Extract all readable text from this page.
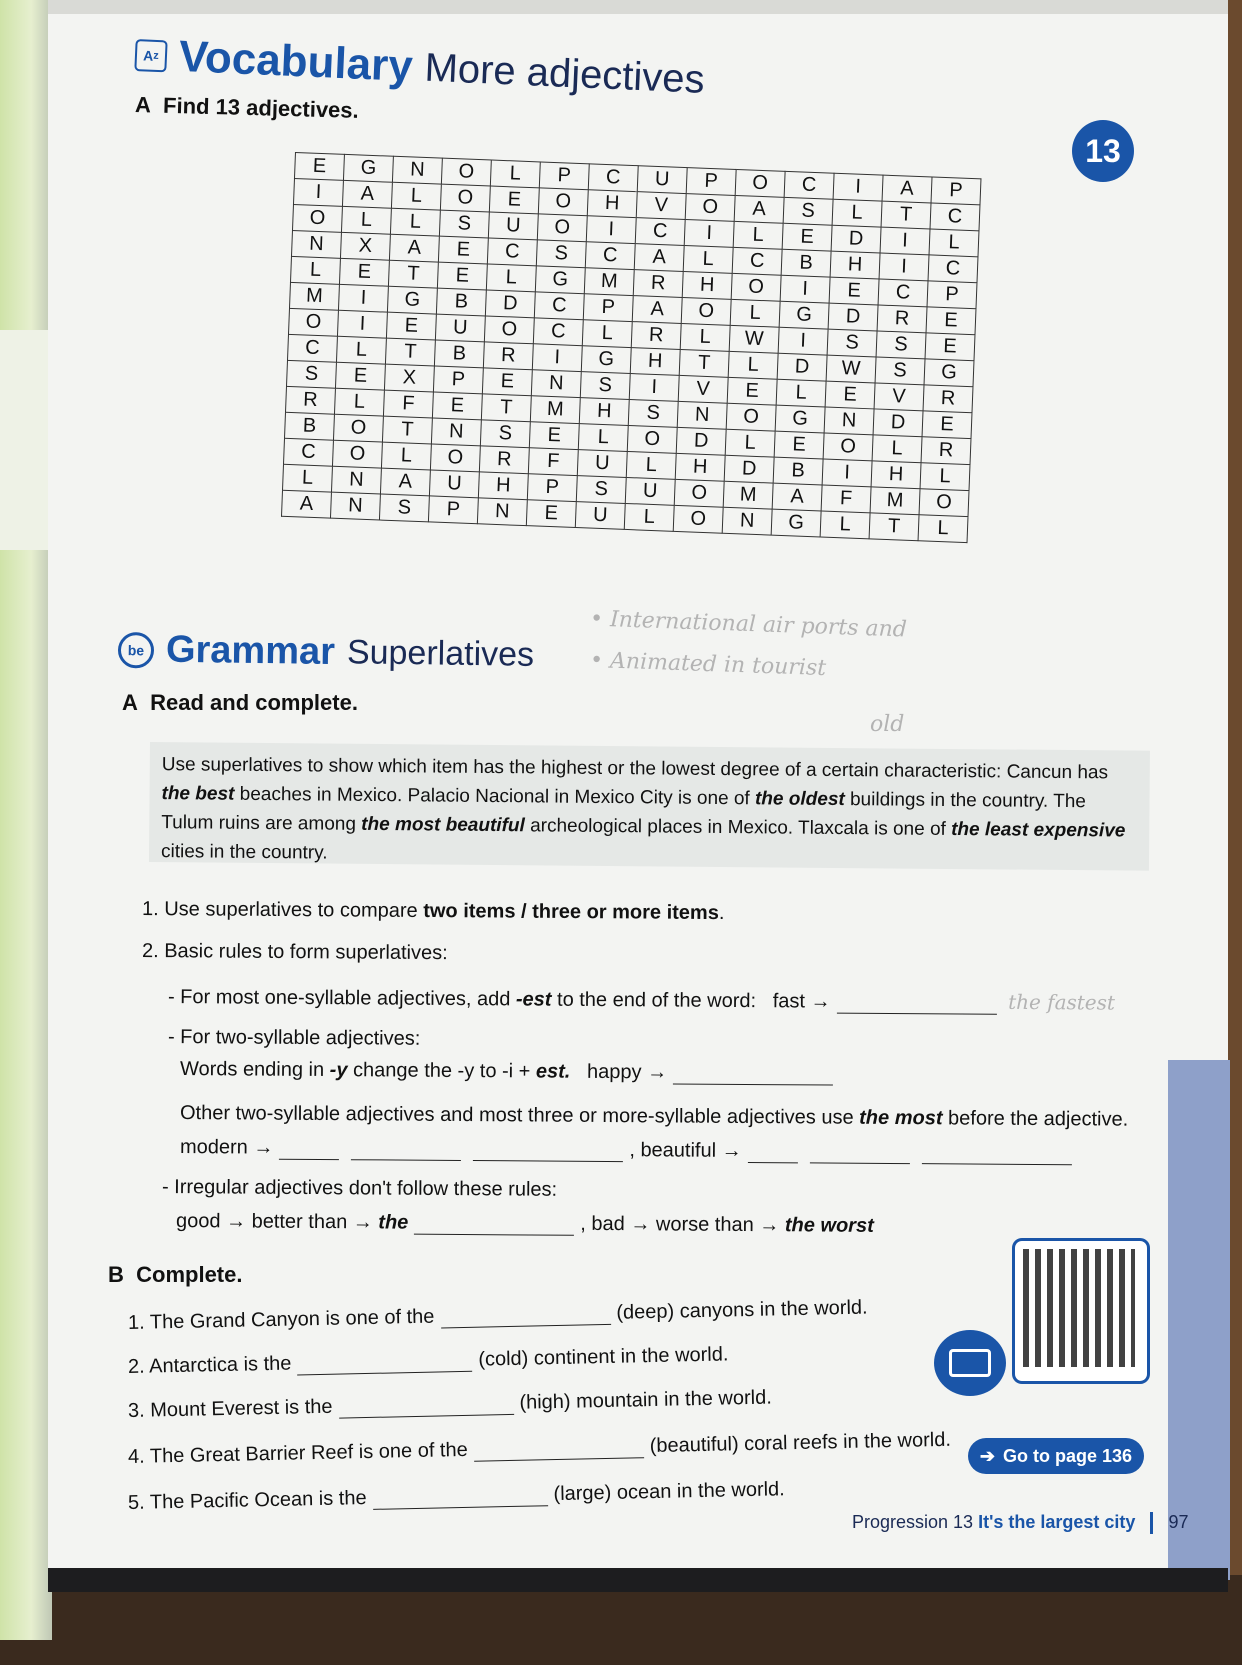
A z Vocabulary More adjectives
A Find 13 adjectives.
13
E	G	N	O	L	P	C	U	P	O	C	I	A	P
I	A	L	O	E	O	H	V	O	A	S	L	T	C
O	L	L	S	U	O	I	C	I	L	E	D	I	L
N	X	A	E	C	S	C	A	L	C	B	H	I	C
L	E	T	E	L	G	M	R	H	O	I	E	C	P
M	I	G	B	D	C	P	A	O	L	G	D	R	E
O	I	E	U	O	C	L	R	L	W	I	S	S	E
C	L	T	B	R	I	G	H	T	L	D	W	S	G
S	E	X	P	E	N	S	I	V	E	L	E	V	R
R	L	F	E	T	M	H	S	N	O	G	N	D	E
B	O	T	N	S	E	L	O	D	L	E	O	L	R
C	O	L	O	R	F	U	L	H	D	B	I	H	L
L	N	A	U	H	P	S	U	O	M	A	F	M	O
A	N	S	P	N	E	U	L	O	N	G	L	T	L
• International air ports and
• Animated in tourist
old
be Grammar Superlatives
A Read and complete.
Use superlatives to show which item has the highest or the lowest degree of a certain characteristic: Cancun has the best beaches in Mexico. Palacio Nacional in Mexico City is one of the oldest buildings in the country. The Tulum ruins are among the most beautiful archeological places in Mexico. Tlaxcala is one of the least expensive cities in the country.
1. Use superlatives to compare two items / three or more items.
2. Basic rules to form superlatives:
- For most one-syllable adjectives, add -est to the end of the word: fast →	the fastest
- For two-syllable adjectives:
Words ending in -y change the -y to -i + est. happy →
Other two-syllable adjectives and most three or more-syllable adjectives use the most before the adjective.
modern →	, beautiful →
- Irregular adjectives don't follow these rules:
good → better than → the	, bad → worse than → the worst
B Complete.
1. The Grand Canyon is one of the	(deep) canyons in the world.
2. Antarctica is the	(cold) continent in the world.
3. Mount Everest is the	(high) mountain in the world.
4. The Great Barrier Reef is one of the	(beautiful) coral reefs in the world.
5. The Pacific Ocean is the	(large) ocean in the world.
➔ Go to page 136
Progression 13 It's the largest city 97
